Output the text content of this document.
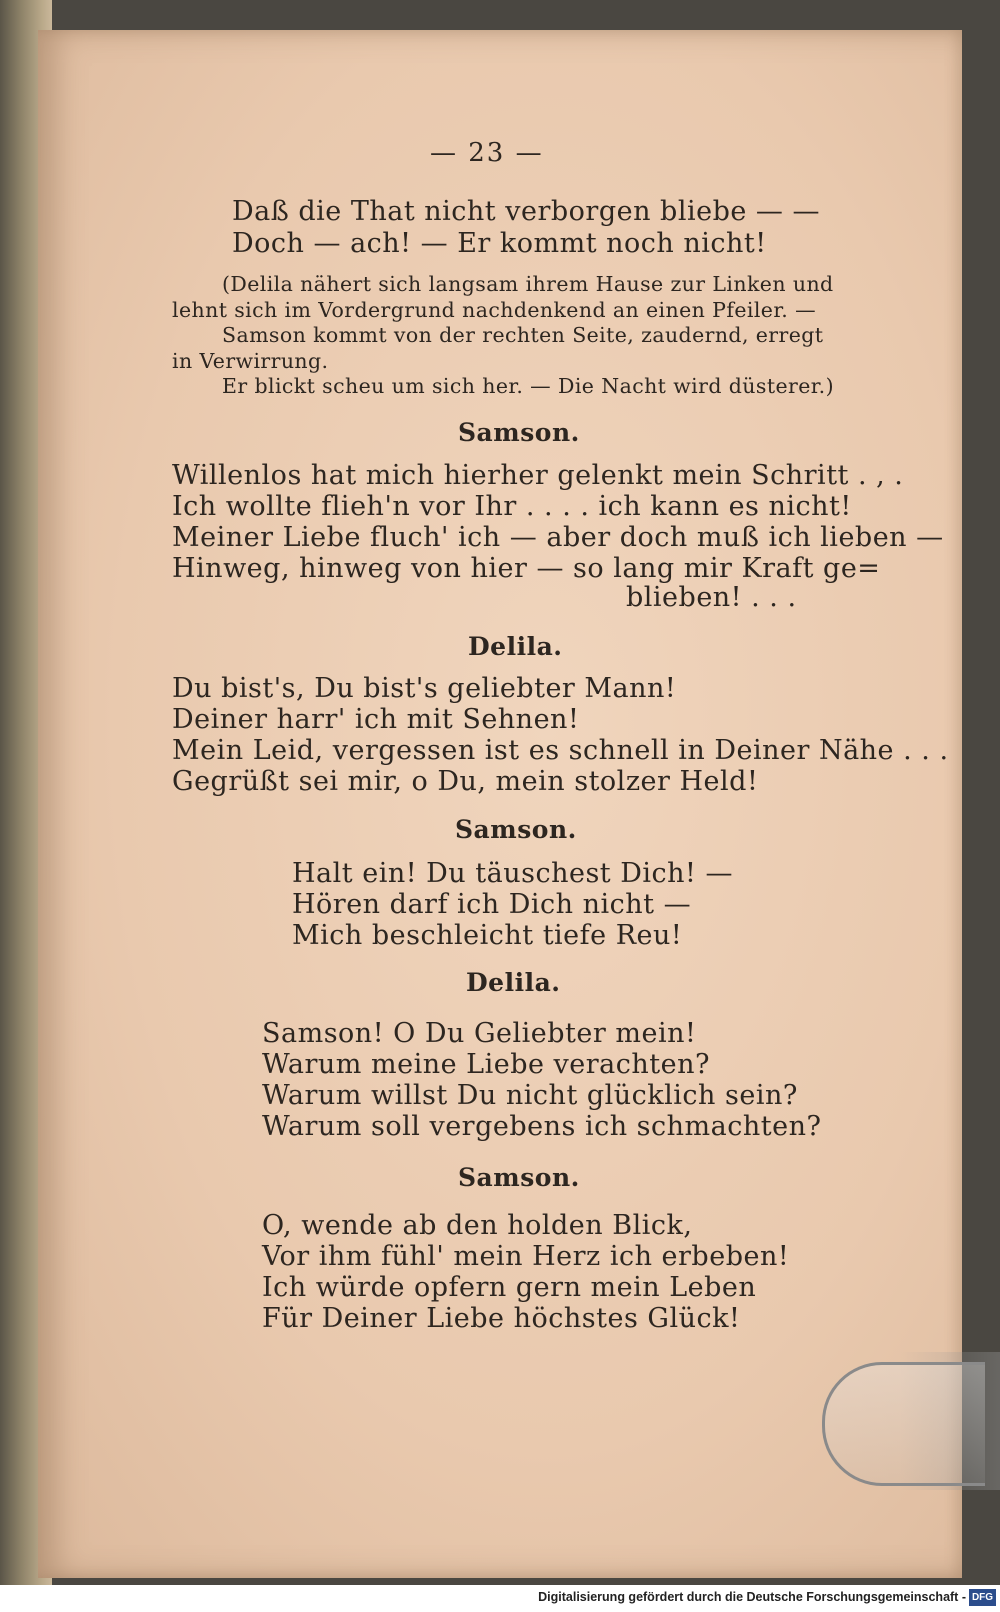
— 23 —
Daß die That nicht verborgen bliebe — —
Doch — ach! — Er kommt noch nicht!
(Delila nähert sich langsam ihrem Hause zur Linken und
lehnt sich im Vordergrund nachdenkend an einen Pfeiler. —
Samson kommt von der rechten Seite, zaudernd, erregt
in Verwirrung.
Er blickt scheu um sich her. — Die Nacht wird düsterer.)
Samson.
Willenlos hat mich hierher gelenkt mein Schritt . , .
Ich wollte flieh'n vor Ihr . . . . ich kann es nicht!
Meiner Liebe fluch' ich — aber doch muß ich lieben —
Hinweg, hinweg von hier — so lang mir Kraft ge=
blieben! . . .
Delila.
Du bist's, Du bist's geliebter Mann!
Deiner harr' ich mit Sehnen!
Mein Leid, vergessen ist es schnell in Deiner Nähe . . .
Gegrüßt sei mir, o Du, mein stolzer Held!
Samson.
Halt ein! Du täuschest Dich! —
Hören darf ich Dich nicht —
Mich beschleicht tiefe Reu!
Delila.
Samson! O Du Geliebter mein!
Warum meine Liebe verachten?
Warum willst Du nicht glücklich sein?
Warum soll vergebens ich schmachten?
Samson.
O, wende ab den holden Blick,
Vor ihm fühl' mein Herz ich erbeben!
Ich würde opfern gern mein Leben
Für Deiner Liebe höchstes Glück!
Digitalisierung gefördert durch die Deutsche Forschungsgemeinschaft - DFG
